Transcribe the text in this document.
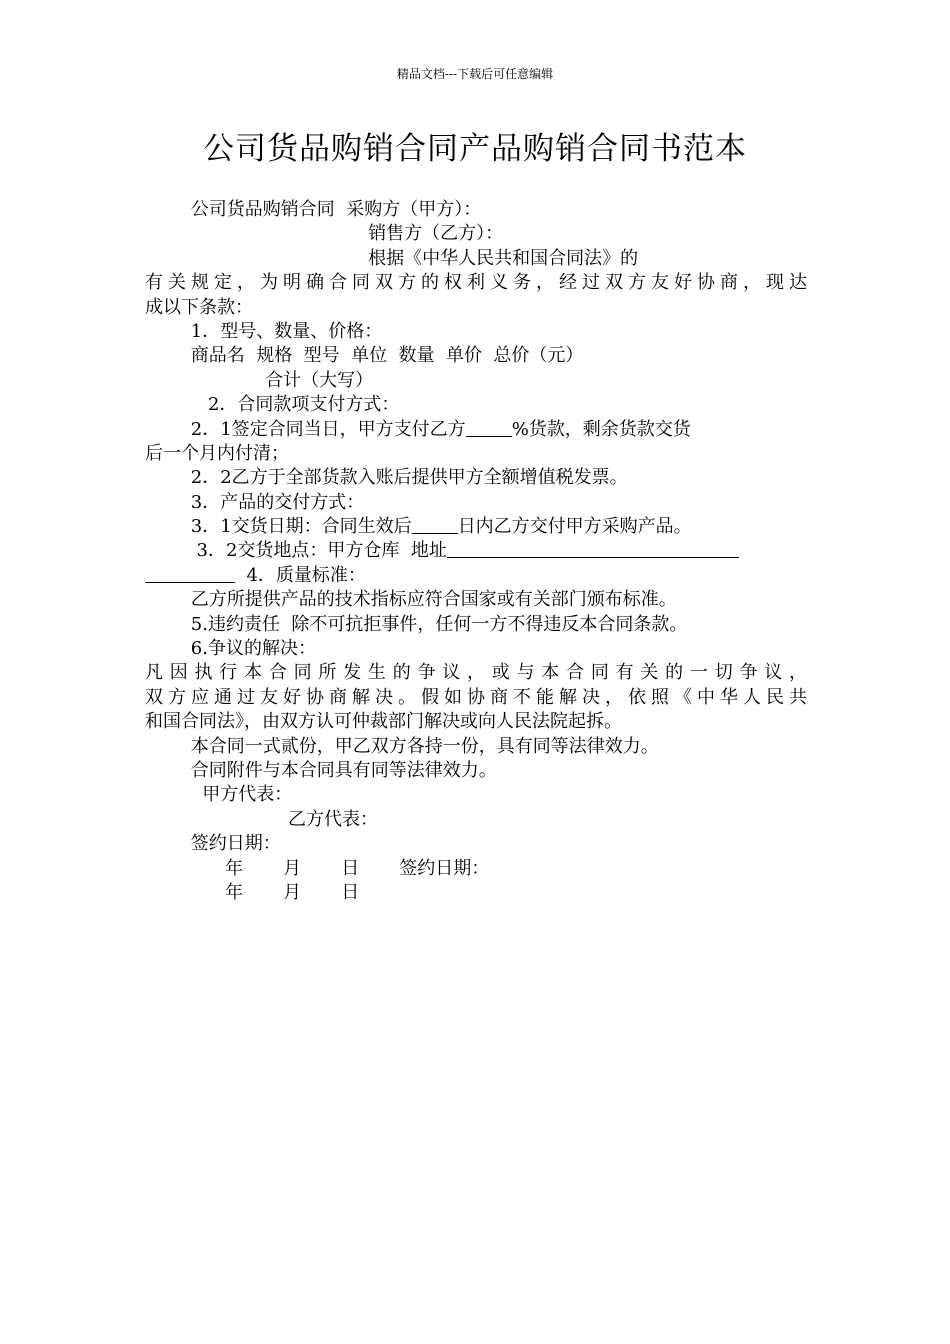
精品文档---下载后可任意编辑
公司货品购销合同产品购销合同书范本
公司货品购销合同  采购方（甲方）：
销售方（乙方）：
根据《中华人民共和国合同法》的
有关规定，为明确合同双方的权利义务，经过双方友好协商，现达
成以下条款：
1．型号、数量、价格：
商品名  规格  型号  单位  数量  单价  总价（元）
合计（大写）
2．合同款项支付方式：
2．1签定合同当日，甲方支付乙方	%货款，剩余货款交货
后一个月内付清；
2．2乙方于全部货款入账后提供甲方全额增值税发票。
3．产品的交付方式：
3．1交货日期：合同生效后	日内乙方交付甲方采购产品。
3．2交货地点：甲方仓库  地址
4．质量标准：
乙方所提供产品的技术指标应符合国家或有关部门颁布标准。
5.违约责任  除不可抗拒事件，任何一方不得违反本合同条款。
6.争议的解决：
凡因执行本合同所发生的争议，或与本合同有关的一切争议，
双方应通过友好协商解决。假如协商不能解决，依照《中华人民共
和国合同法》，由双方认可仲裁部门解决或向人民法院起拆。
本合同一式贰份，甲乙双方各持一份，具有同等法律效力。
合同附件与本合同具有同等法律效力。
甲方代表：
乙方代表：
签约日期：
年       月       日       签约日期：
年       月       日
